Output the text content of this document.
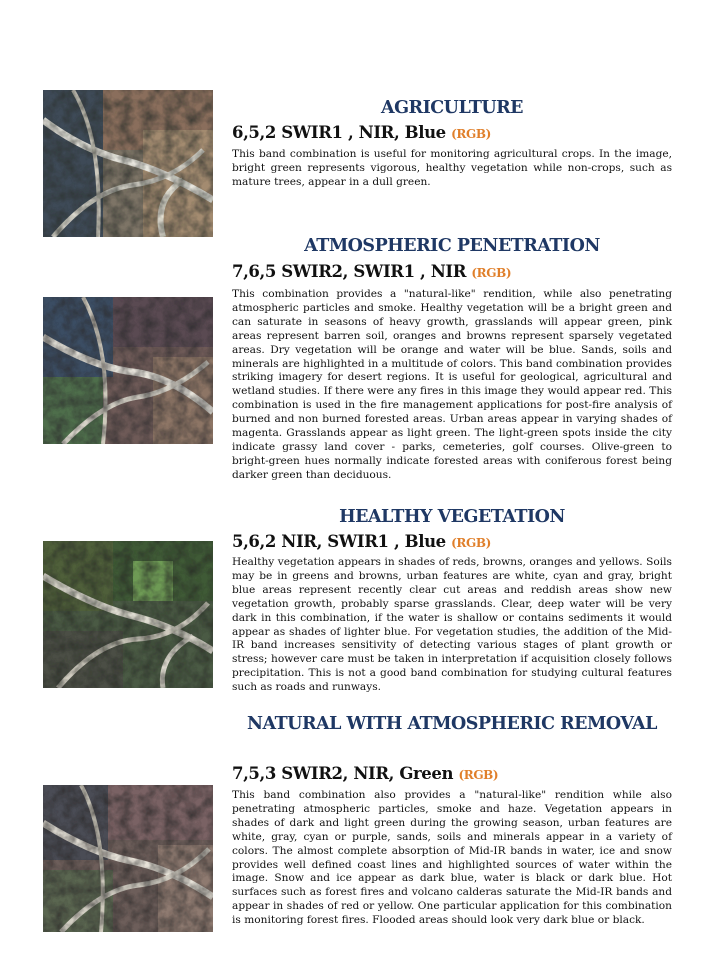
AGRICULTURE

6,5,2 SWIR1 , NIR, Blue (RGB)

This band combination is useful for monitoring agricultural crops. In the image, bright green represents vigorous, healthy vegetation while non-crops, such as mature trees, appear in a dull green.

ATMOSPHERIC PENETRATION

7,6,5 SWIR2, SWIR1 , NIR (RGB)

This combination provides a "natural-like" rendition, while also penetrating atmospheric particles and smoke. Healthy vegetation will be a bright green and can saturate in seasons of heavy growth, grasslands will appear green, pink areas represent barren soil, oranges and browns represent sparsely vegetated areas. Dry vegetation will be orange and water will be blue. Sands, soils and minerals are highlighted in a multitude of colors. This band combination provides striking imagery for desert regions. It is useful for geological, agricultural and wetland studies. If there were any fires in this image they would appear red. This combination is used in the fire management applications for post-fire analysis of burned and non burned forested areas. Urban areas appear in varying shades of magenta. Grasslands appear as light green. The light-green spots inside the city indicate grassy land cover - parks, cemeteries, golf courses. Olive-green to bright-green hues normally indicate forested areas with coniferous forest being darker green than deciduous.

HEALTHY VEGETATION

5,6,2 NIR, SWIR1 , Blue (RGB)

Healthy vegetation appears in shades of reds, browns, oranges and yellows. Soils may be in greens and browns, urban features are white, cyan and gray, bright blue areas represent recently clear cut areas and reddish areas show new vegetation growth, probably sparse grasslands. Clear, deep water will be very dark in this combination, if the water is shallow or contains sediments it would appear as shades of lighter blue. For vegetation studies, the addition of the Mid-IR band increases sensitivity of detecting various stages of plant growth or stress; however care must be taken in interpretation if acquisition closely follows precipitation. This is not a good band combination for studying cultural features such as roads and runways.

NATURAL WITH ATMOSPHERIC REMOVAL

7,5,3 SWIR2, NIR, Green (RGB)

This band combination also provides a "natural-like" rendition while also penetrating atmospheric particles, smoke and haze. Vegetation appears in shades of dark and light green during the growing season, urban features are white, gray, cyan or purple, sands, soils and minerals appear in a variety of colors. The almost complete absorption of Mid-IR bands in water, ice and snow provides well defined coast lines and highlighted sources of water within the image. Snow and ice appear as dark blue, water is black or dark blue. Hot surfaces such as forest fires and volcano calderas saturate the Mid-IR bands and appear in shades of red or yellow. One particular application for this combination is monitoring forest fires. Flooded areas should look very dark blue or black.
